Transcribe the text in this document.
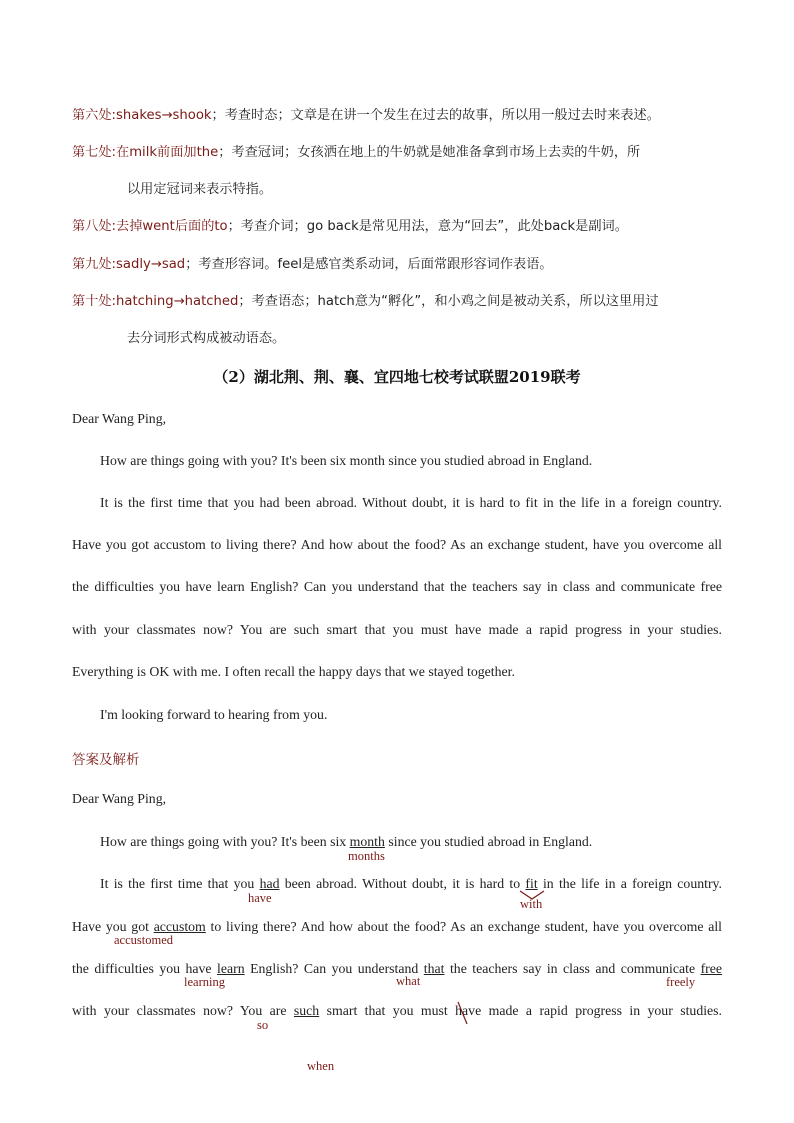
第六处:shakes→shook；考查时态；文章是在讲一个发生在过去的故事，所以用一般过去时来表述。
第七处:在milk前面加the；考查冠词；女孩洒在地上的牛奶就是她准备拿到市场上去卖的牛奶，所
以用定冠词来表示特指。
第八处:去掉went后面的to；考查介词；go back是常见用法，意为“回去”，此处back是副词。
第九处:sadly→sad；考查形容词。feel是感官类系动词，后面常跟形容词作表语。
第十处:hatching→hatched；考查语态；hatch意为“孵化”，和小鸡之间是被动关系，所以这里用过
去分词形式构成被动语态。
（2）湖北荆、荆、襄、宜四地七校考试联盟2019联考
Dear Wang Ping,
How are things going with you? It's been six month since you studied abroad in England.
It is the first time that you had been abroad. Without doubt, it is hard to fit in the life in a foreign country.
Have you got accustom to living there? And how about the food? As an exchange student, have you overcome all
the difficulties you have learn English? Can you understand that the teachers say in class and communicate free
with your classmates now? You are such smart that you must have made a rapid progress in your studies.
Everything is OK with me. I often recall the happy days that we stayed together.
I'm looking forward to hearing from you.
答案及解析
Dear Wang Ping,
How are things going with you? It's been six month since you studied abroad in England.
months
It is the first time that you had been abroad. Without doubt, it is hard to fit in the life in a foreign country.
have	with
Have you got accustom to living there? And how about the food? As an exchange student, have you overcome all
accustomed
the difficulties you have learn English? Can you understand that the teachers say in class and communicate free
learning	what	freely
with your classmates now? You are such smart that you must have made a rapid progress in your studies.
so
when
